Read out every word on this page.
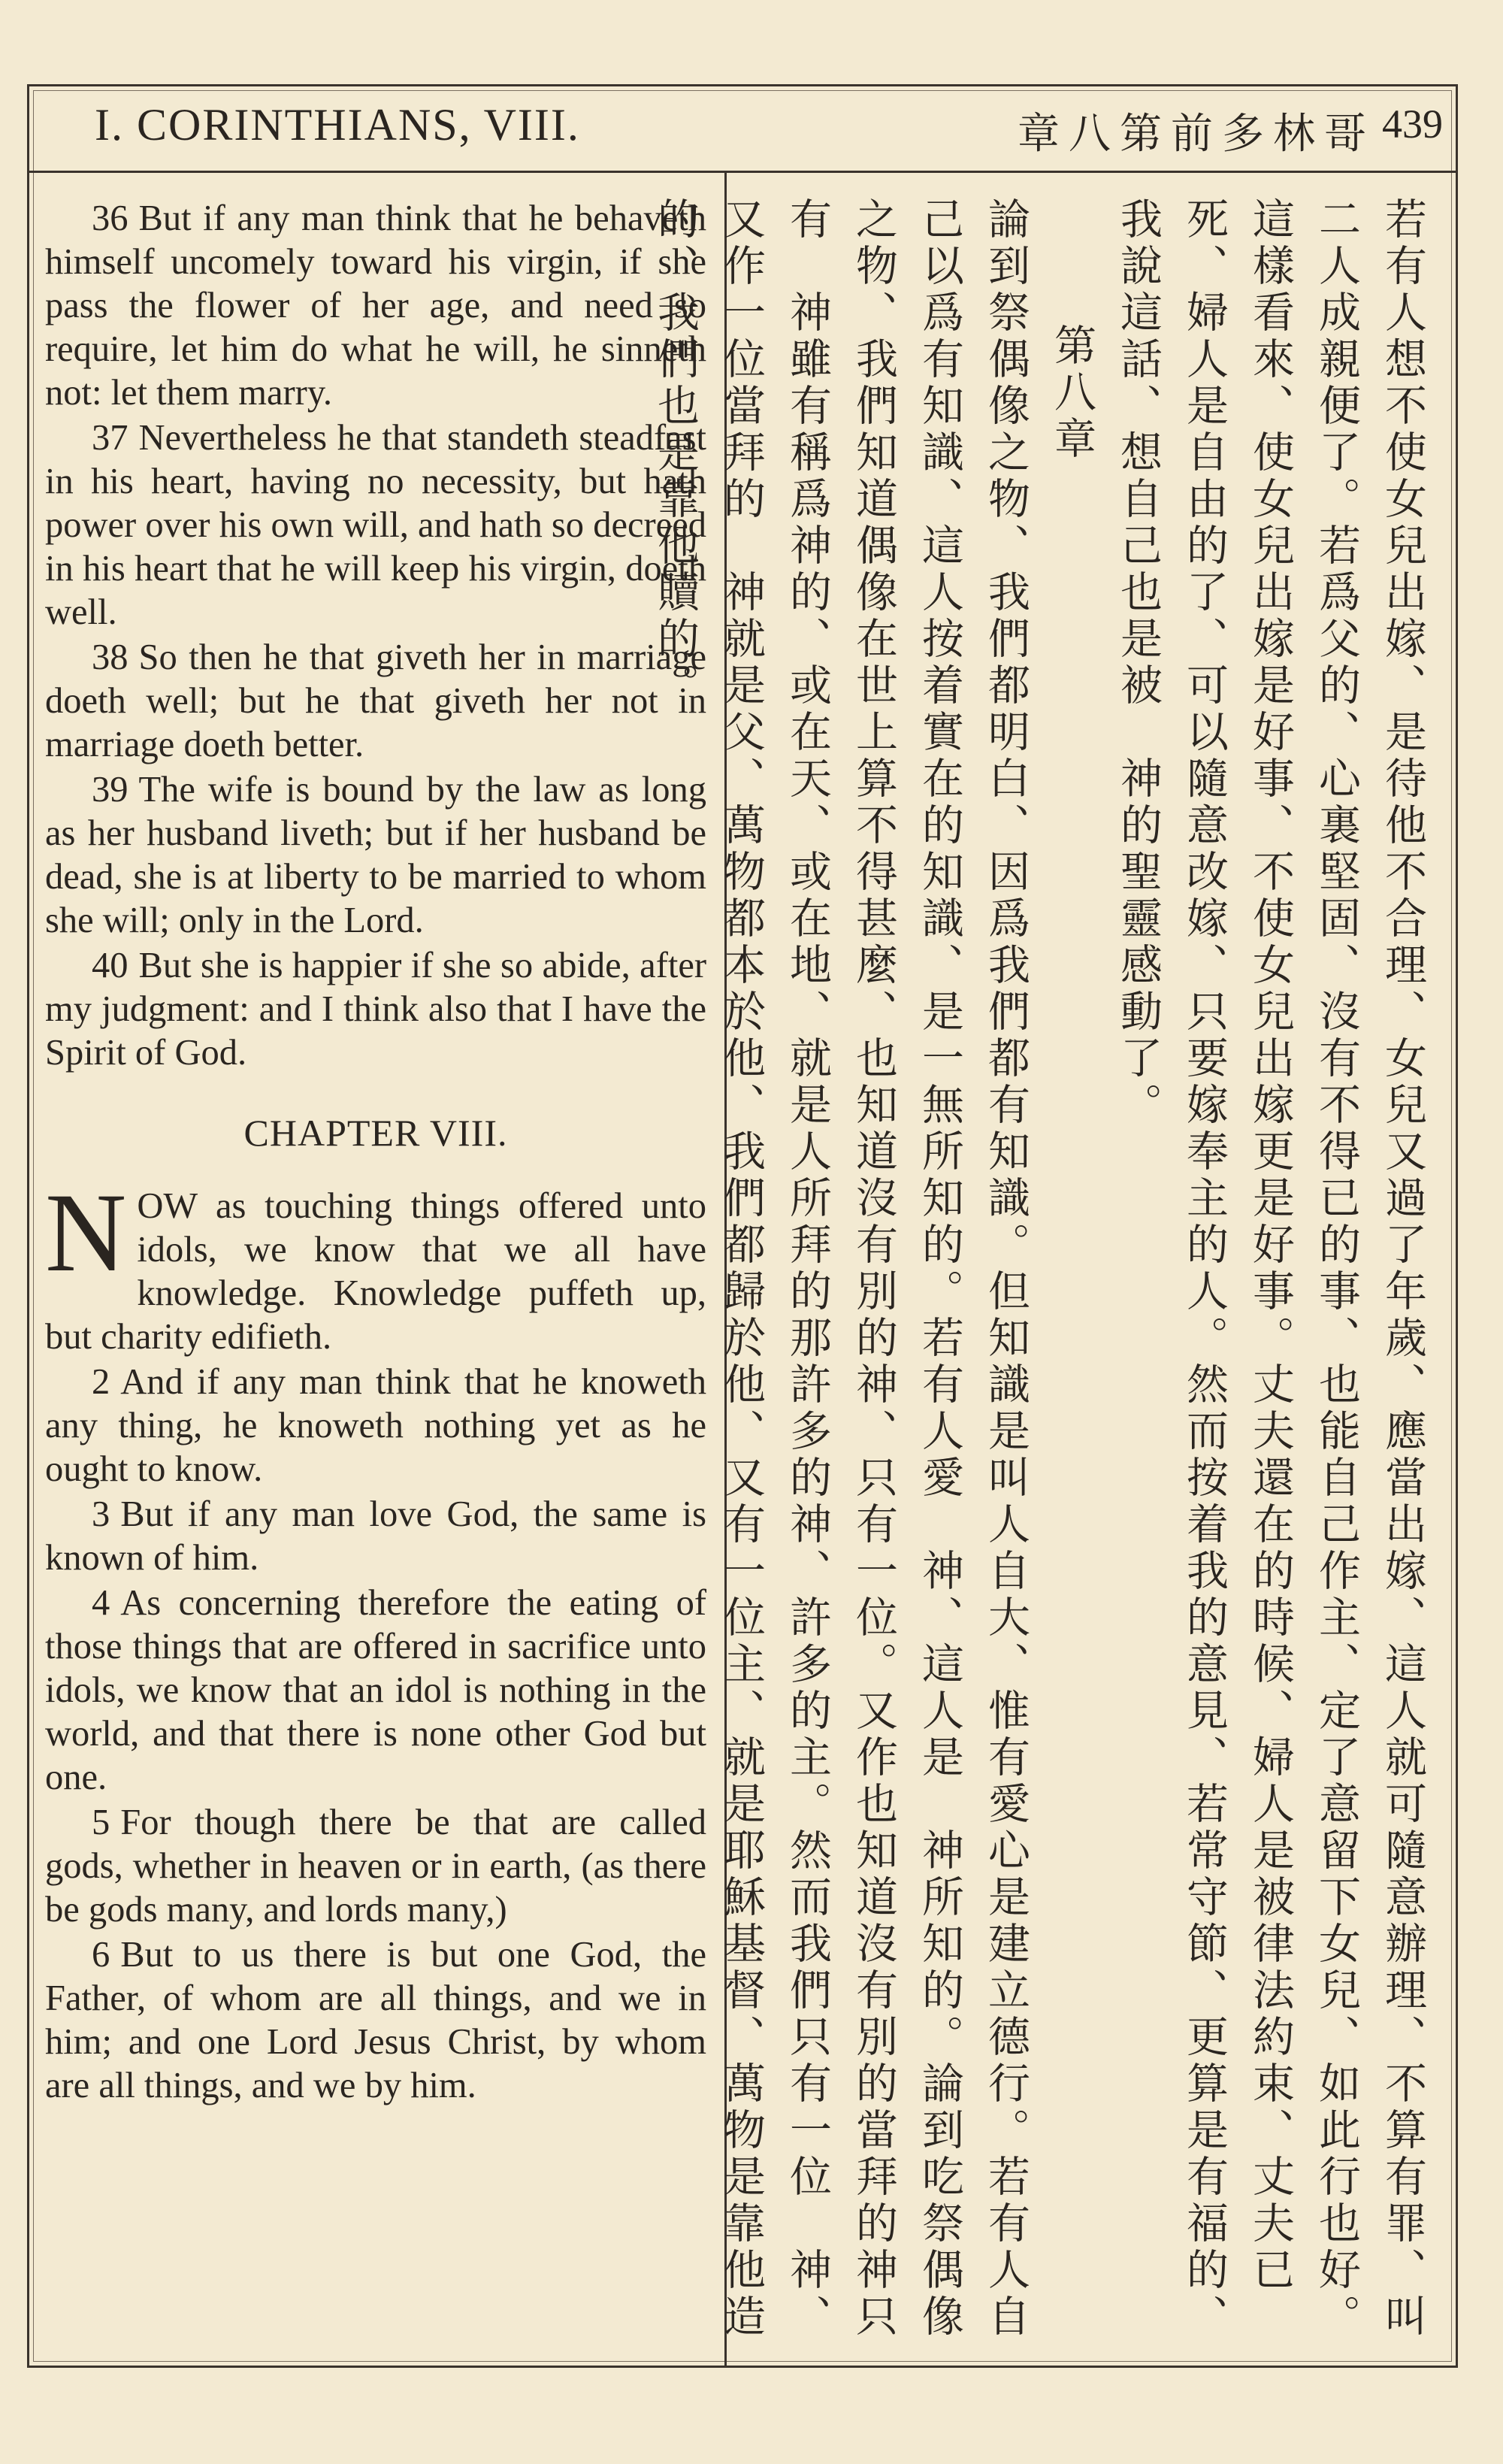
I. CORINTHIANS, VIII.	章八第前多林哥 439

36 But if any man think that he behaveth himself uncomely toward his virgin, if she pass the flower of her age, and need so require, let him do what he will, he sinneth not: let them marry.

37 Nevertheless he that standeth steadfast in his heart, having no necessity, but hath power over his own will, and hath so decreed in his heart that he will keep his virgin, doeth well.

38 So then he that giveth her in marriage doeth well; but he that giveth her not in marriage doeth better.

39 The wife is bound by the law as long as her husband liveth; but if her husband be dead, she is at liberty to be married to whom she will; only in the Lord.

40 But she is happier if she so abide, after my judgment: and I think also that I have the Spirit of God.

CHAPTER VIII.

NOW as touching things offered unto idols, we know that we all have knowledge. Knowledge puffeth up, but charity edifieth.

2 And if any man think that he knoweth any thing, he knoweth nothing yet as he ought to know.

3 But if any man love God, the same is known of him.

4 As concerning therefore the eating of those things that are offered in sacrifice unto idols, we know that an idol is nothing in the world, and that there is none other God but one.

5 For though there be that are called gods, whether in heaven or in earth, (as there be gods many, and lords many,)

6 But to us there is but one God, the Father, of whom are all things, and we in him; and one Lord Jesus Christ, by whom are all things, and we by him.	若有人想不使女兒出嫁、是待他不合理、女兒又過了年歲、應當出嫁、這人就可隨意辦理、不算有罪、叫二人成親便了。若爲父的、心裏堅固、沒有不得已的事、也能自己作主、定了意留下女兒、如此行也好。這樣看來、使女兒出嫁是好事、不使女兒出嫁更是好事。丈夫還在的時候、婦人是被律法約束、丈夫已死、婦人是自由的了、可以隨意改嫁、只要嫁奉主的人。然而按着我的意見、若常守節、更算是有福的、我說這話、想自己也是被　神的聖靈感動了。

第八章

論到祭偶像之物、我們都明白、因爲我們都有知識。但知識是叫人自大、惟有愛心是建立德行。若有人自己以爲有知識、這人按着實在的知識、是一無所知的。若有人愛　神、這人是　神所知的。論到吃祭偶像之物、我們知道偶像在世上算不得甚麼、也知道沒有別的神、只有一位。又作也知道沒有別的當拜的神只有　神雖有稱爲神的、或在天、或在地、就是人所拜的那許多的神、許多的主。然而我們只有一位　神、又作一位當拜的　神就是父、萬物都本於他、我們都歸於他、又有一位主、就是耶穌基督、萬物是靠他造的、我們也是靠他贖的。
